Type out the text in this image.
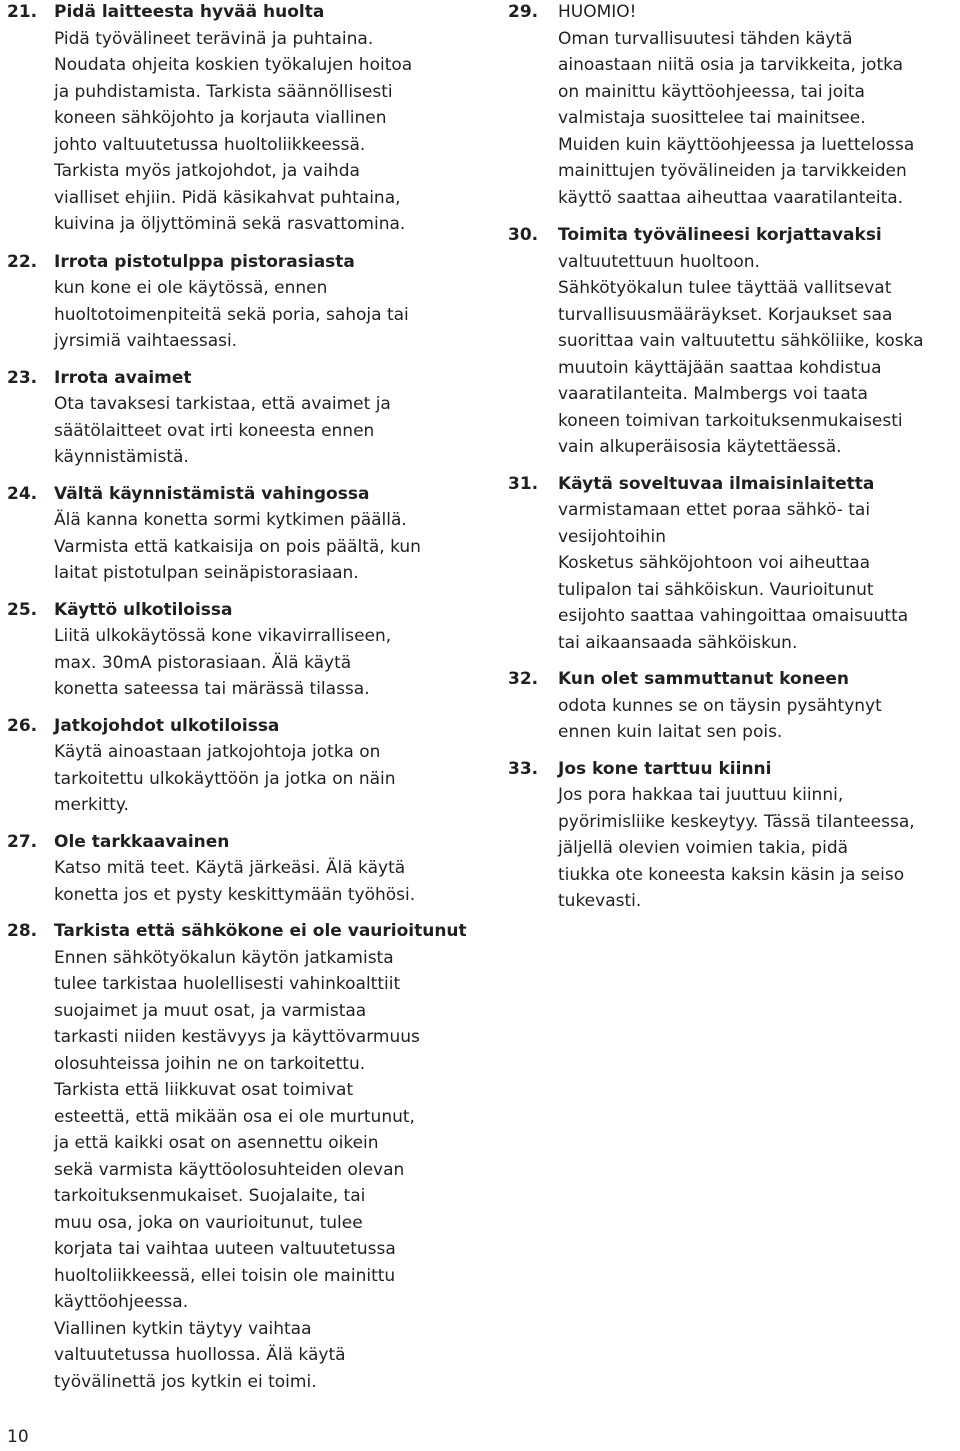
21. Pidä laitteesta hyvää huolta

Pidä työvälineet terävinä ja puhtaina.
Noudata ohjeita koskien työkalujen hoitoa
ja puhdistamista. Tarkista säännöllisesti
koneen sähköjohto ja korjauta viallinen
johto valtuutetussa huoltoliikkeessä.
Tarkista myös jatkojohdot, ja vaihda
vialliset ehjiin. Pidä käsikahvat puhtaina,
kuivina ja öljyttöminä sekä rasvattomina.

22. Irrota pistotulppa pistorasiasta

kun kone ei ole käytössä, ennen
huoltotoimenpiteitä sekä poria, sahoja tai
jyrsimiä vaihtaessasi.

23. Irrota avaimet

Ota tavaksesi tarkistaa, että avaimet ja
säätölaitteet ovat irti koneesta ennen
käynnistämistä.

24. Vältä käynnistämistä vahingossa

Älä kanna konetta sormi kytkimen päällä.
Varmista että katkaisija on pois päältä, kun
laitat pistotulpan seinäpistorasiaan.

25. Käyttö ulkotiloissa

Liitä ulkokäytössä kone vikavirralliseen,
max. 30mA pistorasiaan. Älä käytä
konetta sateessa tai märässä tilassa.

26. Jatkojohdot ulkotiloissa

Käytä ainoastaan jatkojohtoja jotka on
tarkoitettu ulkokäyttöön ja jotka on näin
merkitty.

27. Ole tarkkaavainen

Katso mitä teet. Käytä järkeäsi. Älä käytä
konetta jos et pysty keskittymään työhösi.

28. Tarkista että sähkökone ei ole vaurioitunut

Ennen sähkötyökalun käytön jatkamista
tulee tarkistaa huolellisesti vahinkoalttiit
suojaimet ja muut osat, ja varmistaa
tarkasti niiden kestävyys ja käyttövarmuus
olosuhteissa joihin ne on tarkoitettu.
Tarkista että liikkuvat osat toimivat
esteettä, että mikään osa ei ole murtunut,
ja että kaikki osat on asennettu oikein
sekä varmista käyttöolosuhteiden olevan
tarkoituksenmukaiset. Suojalaite, tai
muu osa, joka on vaurioitunut, tulee
korjata tai vaihtaa uuteen valtuutetussa
huoltoliikkeessä, ellei toisin ole mainittu
käyttöohjeessa.
Viallinen kytkin täytyy vaihtaa
valtuutetussa huollossa. Älä käytä
työvälinettä jos kytkin ei toimi.

29. HUOMIO!

Oman turvallisuutesi tähden käytä
ainoastaan niitä osia ja tarvikkeita, jotka
on mainittu käyttöohjeessa, tai joita
valmistaja suosittelee tai mainitsee.
Muiden kuin käyttöohjeessa ja luettelossa
mainittujen työvälineiden ja tarvikkeiden
käyttö saattaa aiheuttaa vaaratilanteita.

30. Toimita työvälineesi korjattavaksi

valtuutettuun huoltoon.
Sähkötyökalun tulee täyttää vallitsevat
turvallisuusmääräykset. Korjaukset saa
suorittaa vain valtuutettu sähköliike, koska
muutoin käyttäjään saattaa kohdistua
vaaratilanteita. Malmbergs voi taata
koneen toimivan tarkoituksenmukaisesti
vain alkuperäisosia käytettäessä.

31. Käytä soveltuvaa ilmaisinlaitetta

varmistamaan ettet poraa sähkö- tai
vesijohtoihin
Kosketus sähköjohtoon voi aiheuttaa
tulipalon tai sähköiskun. Vaurioitunut
esijohto saattaa vahingoittaa omaisuutta
tai aikaansaada sähköiskun.

32. Kun olet sammuttanut koneen

odota kunnes se on täysin pysähtynyt
ennen kuin laitat sen pois.

33. Jos kone tarttuu kiinni

Jos pora hakkaa tai juuttuu kiinni,
pyörimisliike keskeytyy. Tässä tilanteessa,
jäljellä olevien voimien takia, pidä
tiukka ote koneesta kaksin käsin ja seiso
tukevasti.

10
